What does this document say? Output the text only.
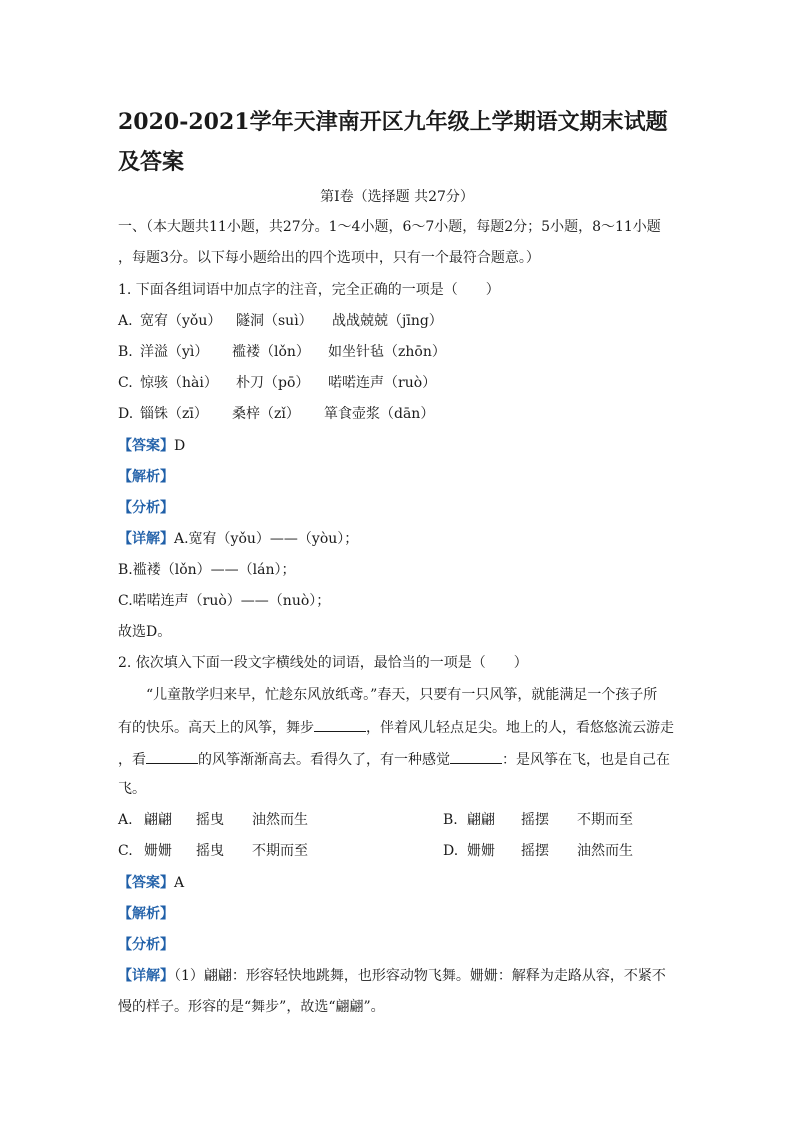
2020-2021学年天津南开区九年级上学期语文期末试题及答案

第Ⅰ卷（选择题 共27分）

一、（本大题共11小题，共27分。1～4小题，6～7小题，每题2分；5小题，8～11小题

，每题3分。以下每小题给出的四个选项中，只有一个最符合题意。）

1. 下面各组词语中加点字的注音，完全正确的一项是（　　）

A. 宽宥（yǒu） 隧洞（suì） 战战兢兢（jīng）

B. 洋溢（yì） 褴褛（lǒn） 如坐针毡（zhōn）

C. 惊骇（hài） 朴刀（pō） 喏喏连声（ruò）

D. 锱铢（zī） 桑梓（zǐ） 箪食壶浆（dān）

【答案】D

【解析】

【分析】

【详解】A.宽宥（yǒu）——（yòu）；

B.褴褛（lǒn）——（lán）；

C.喏喏连声（ruò）——（nuò）；

故选D。

2. 依次填入下面一段文字横线处的词语，最恰当的一项是（　　）

“儿童散学归来早，忙趁东风放纸鸢。”春天，只要有一只风筝，就能满足一个孩子所

有的快乐。高天上的风筝，舞步	，伴着风儿轻点足尖。地上的人，看悠悠流云游走

，看	的风筝渐渐高去。看得久了，有一种感觉	：是风筝在飞，也是自己在

飞。

A. 翩翩 摇曳 油然而生	B. 翩翩 摇摆 不期而至
C. 姗姗 摇曳 不期而至	D. 姗姗 摇摆 油然而生

【答案】A

【解析】

【分析】

【详解】（1）翩翩：形容轻快地跳舞，也形容动物飞舞。姗姗：解释为走路从容，不紧不

慢的样子。形容的是“舞步”，故选“翩翩”。
